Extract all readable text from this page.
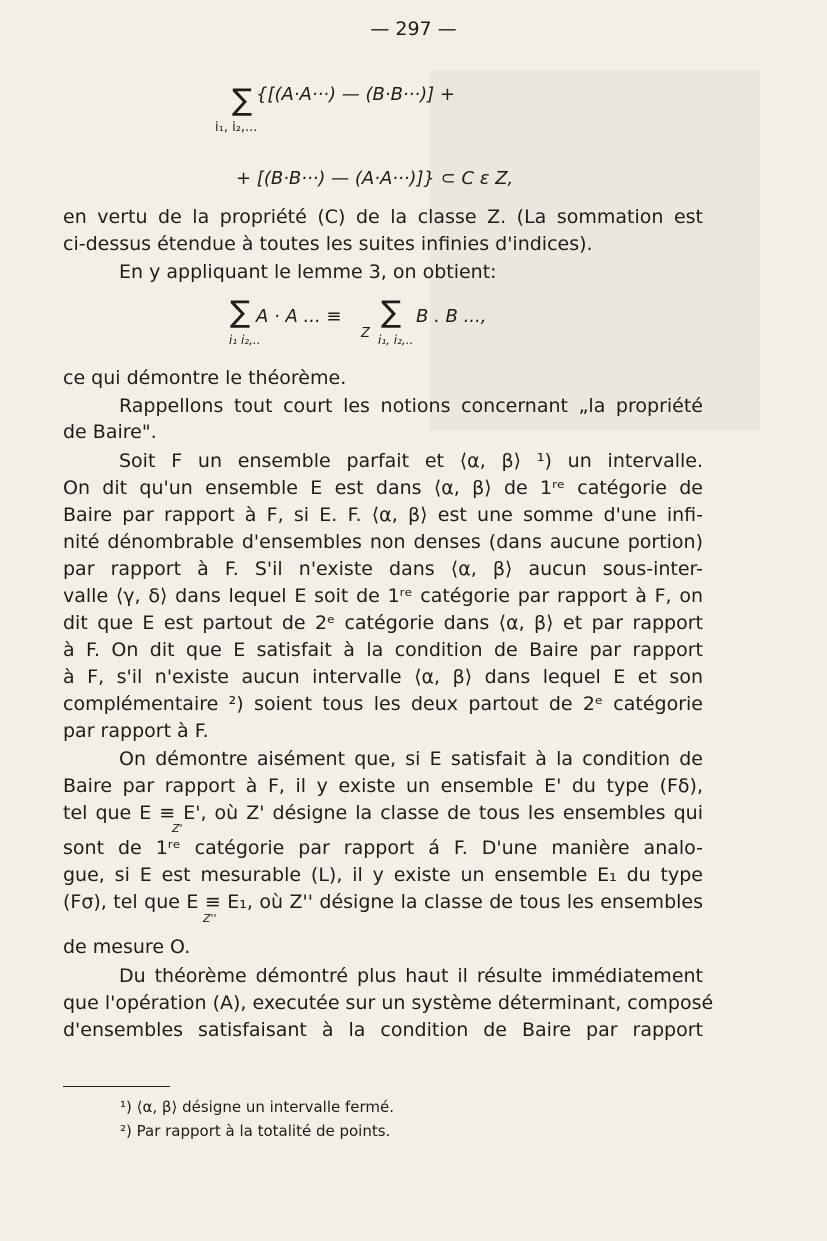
— 297 —
∑ {[(A·A···) — (B·B···)] +
i₁, i₂,...
+ [(B·B···) — (A·A···)]} ⊂ C ε Z,
en vertu de la propriété (C) de la classe Z. (La sommation est
ci-dessus étendue à toutes les suites infinies d'indices).
En y appliquant le lemme 3, on obtient:
∑ A · A ... ≡
Z
∑ B . B ...,
i₁ i₂,..	i₁, i₂,..
ce qui démontre le théorème.
Rappellons tout court les notions concernant „la propriété
de Baire".
Soit F un ensemble parfait et ⟨α, β⟩ ¹) un intervalle.
On dit qu'un ensemble E est dans ⟨α, β⟩ de 1ʳᵉ catégorie de
Baire par rapport à F, si E. F. ⟨α, β⟩ est une somme d'une infi-
nité dénombrable d'ensembles non denses (dans aucune portion)
par rapport à F. S'il n'existe dans ⟨α, β⟩ aucun sous-inter-
valle ⟨γ, δ⟩ dans lequel E soit de 1ʳᵉ catégorie par rapport à F, on
dit que E est partout de 2ᵉ catégorie dans ⟨α, β⟩ et par rapport
à F. On dit que E satisfait à la condition de Baire par rapport
à F, s'il n'existe aucun intervalle ⟨α, β⟩ dans lequel E et son
complémentaire ²) soient tous les deux partout de 2ᵉ catégorie
par rapport à F.
On démontre aisément que, si E satisfait à la condition de
Baire par rapport à F, il y existe un ensemble E' du type (Fδ),
tel que E ≡ E', où Z' désigne la classe de tous les ensembles qui
Z'
sont de 1ʳᵉ catégorie par rapport á F. D'une manière analo-
gue, si E est mesurable (L), il y existe un ensemble E₁ du type
(Fσ), tel que E ≡ E₁, où Z'' désigne la classe de tous les ensembles
Z''
de mesure O.
Du théorème démontré plus haut il résulte immédiatement
que l'opération (A), executée sur un système déterminant, composé
d'ensembles satisfaisant à la condition de Baire par rapport
¹) ⟨α, β⟩ désigne un intervalle fermé.
²) Par rapport à la totalité de points.
